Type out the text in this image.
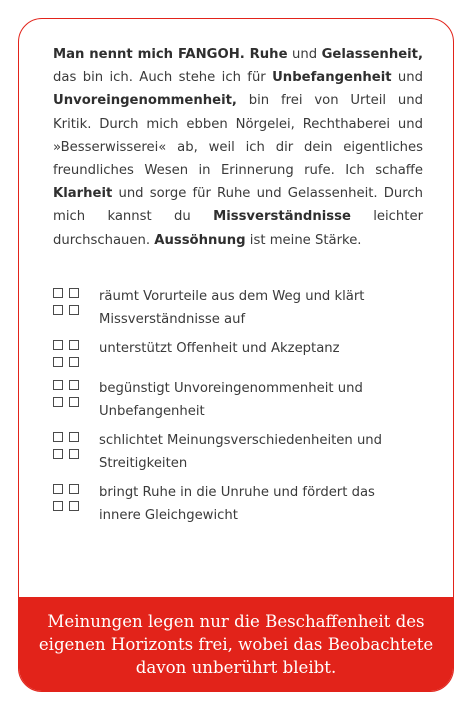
Man nennt mich FANGOH. Ruhe und Gelassenheit, das bin ich. Auch stehe ich für Unbefangenheit und Unvoreingenommenheit, bin frei von Urteil und Kritik. Durch mich ebben Nörgelei, Rechthaberei und »Besserwisserei« ab, weil ich dir dein eigentliches freundliches Wesen in Erinnerung rufe. Ich schaffe Klarheit und sorge für Ruhe und Gelassenheit. Durch mich kannst du Missverständnisse leichter durchschauen. Aussöhnung ist meine Stärke.

räumt Vorurteile aus dem Weg und klärt Missverständnisse auf
unterstützt Offenheit und Akzeptanz
begünstigt Unvoreingenommenheit und Unbefangenheit
schlichtet Meinungsverschiedenheiten und Streitigkeiten
bringt Ruhe in die Unruhe und fördert das innere Gleichgewicht

Meinungen legen nur die Beschaffenheit des eigenen Horizonts frei, wobei das Beobachtete davon unberührt bleibt.
